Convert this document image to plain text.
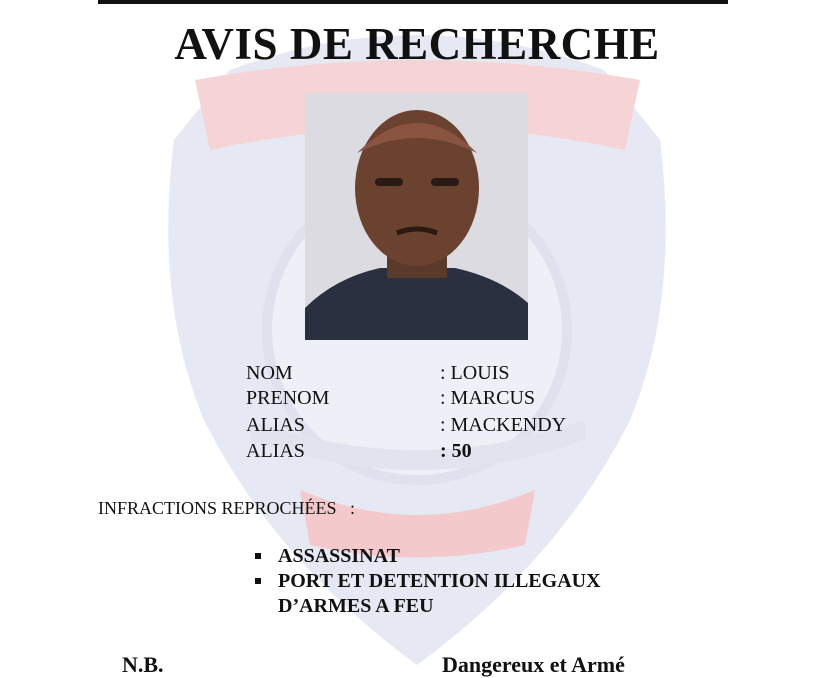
AVIS DE RECHERCHE
NOM	: LOUIS
PRENOM	: MARCUS
ALIAS	: MACKENDY
ALIAS	: 50
INFRACTIONS REPROCHÉES   :
ASSASSINAT
PORT ET DETENTION ILLEGAUX
D’ARMES A FEU
N.B.	Dangereux et Armé
